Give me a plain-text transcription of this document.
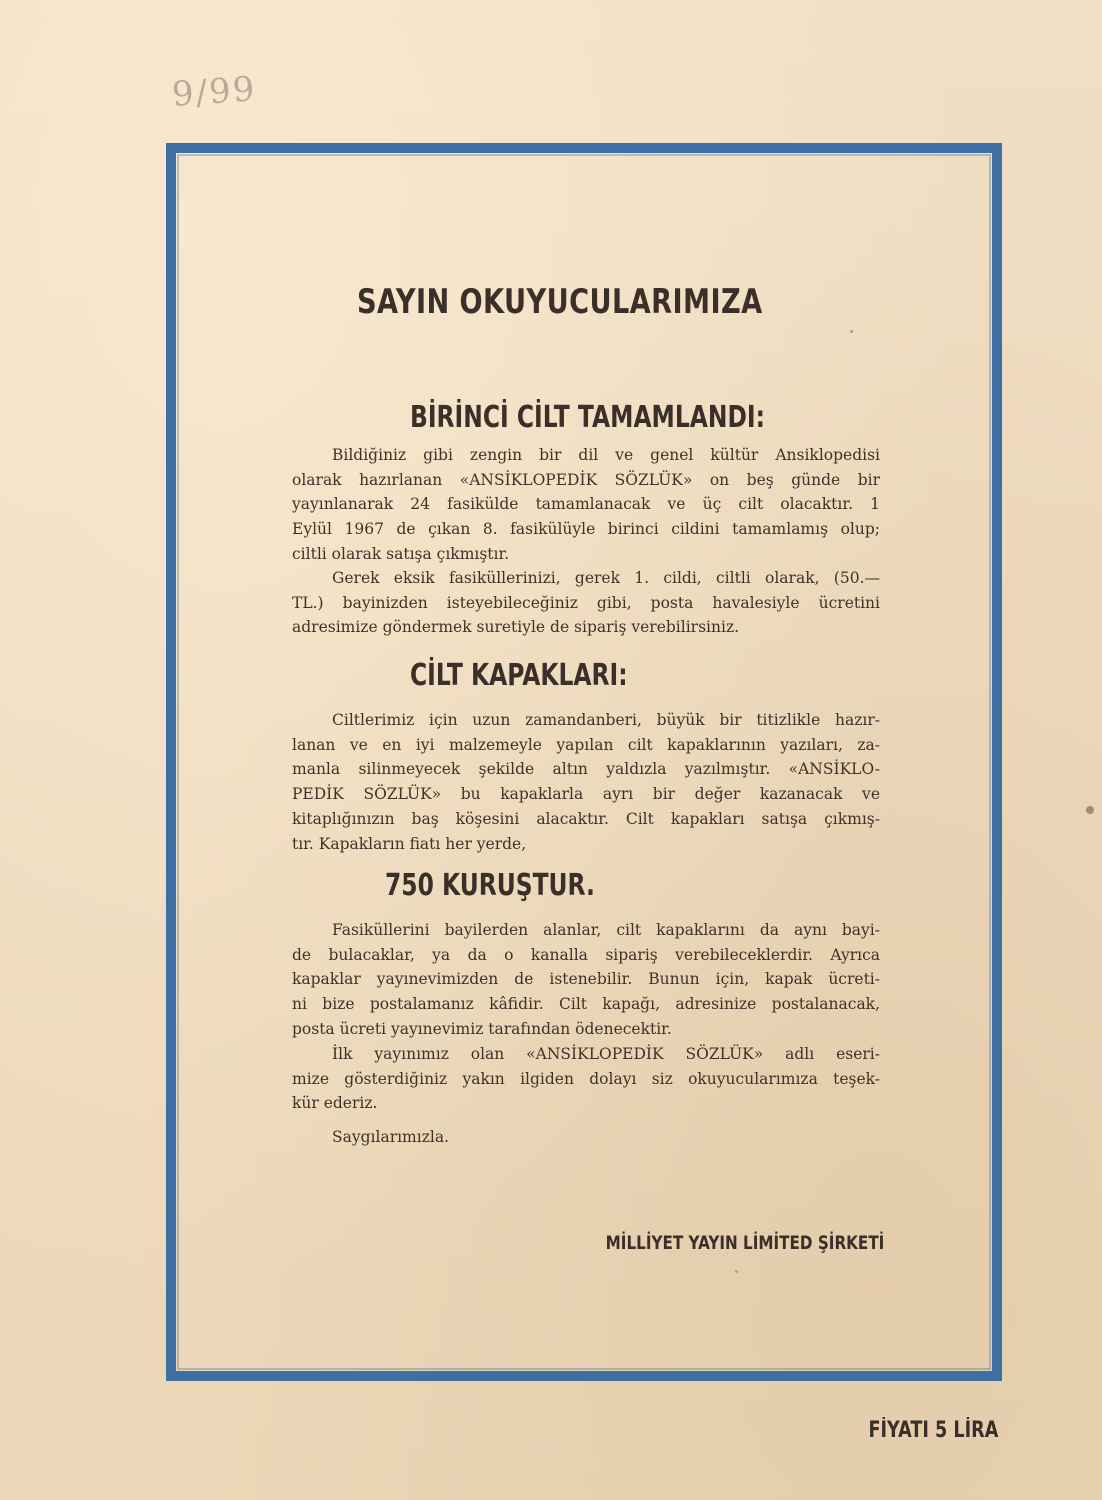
9/99
SAYIN OKUYUCULARIMIZA
BİRİNCİ CİLT TAMAMLANDI:

Bildiğiniz gibi zengin bir dil ve genel kültür Ansiklopedisi
olarak hazırlanan «ANSİKLOPEDİK SÖZLÜK» on beş günde bir
yayınlanarak 24 fasikülde tamamlanacak ve üç cilt olacaktır. 1
Eylül 1967 de çıkan 8. fasikülüyle birinci cildini tamamlamış olup;
ciltli olarak satışa çıkmıştır.

Gerek eksik fasiküllerinizi, gerek 1. cildi, ciltli olarak, (50.—
TL.) bayinizden isteyebileceğiniz gibi, posta havalesiyle ücretini
adresimize göndermek suretiyle de sipariş verebilirsiniz.

CİLT KAPAKLARI:

Ciltlerimiz için uzun zamandanberi, büyük bir titizlikle hazır-
lanan ve en iyi malzemeyle yapılan cilt kapaklarının yazıları, za-
manla silinmeyecek şekilde altın yaldızla yazılmıştır. «ANSİKLO-
PEDİK SÖZLÜK» bu kapaklarla ayrı bir değer kazanacak ve
kitaplığınızın baş köşesini alacaktır. Cilt kapakları satışa çıkmış-
tır. Kapakların fiatı her yerde,

750 KURUŞTUR.

Fasiküllerini bayilerden alanlar, cilt kapaklarını da aynı bayi-
de bulacaklar, ya da o kanalla sipariş verebileceklerdir. Ayrıca
kapaklar yayınevimizden de istenebilir. Bunun için, kapak ücreti-
ni bize postalamanız kâfidir. Cilt kapağı, adresinize postalanacak,
posta ücreti yayınevimiz tarafından ödenecektir.

İlk yayınımız olan «ANSİKLOPEDİK SÖZLÜK» adlı eseri-
mize gösterdiğiniz yakın ilgiden dolayı siz okuyucularımıza teşek-
kür ederiz.

Saygılarımızla.

MİLLİYET YAYIN LİMİTED ŞİRKETİ

FİYATI 5 LİRA
